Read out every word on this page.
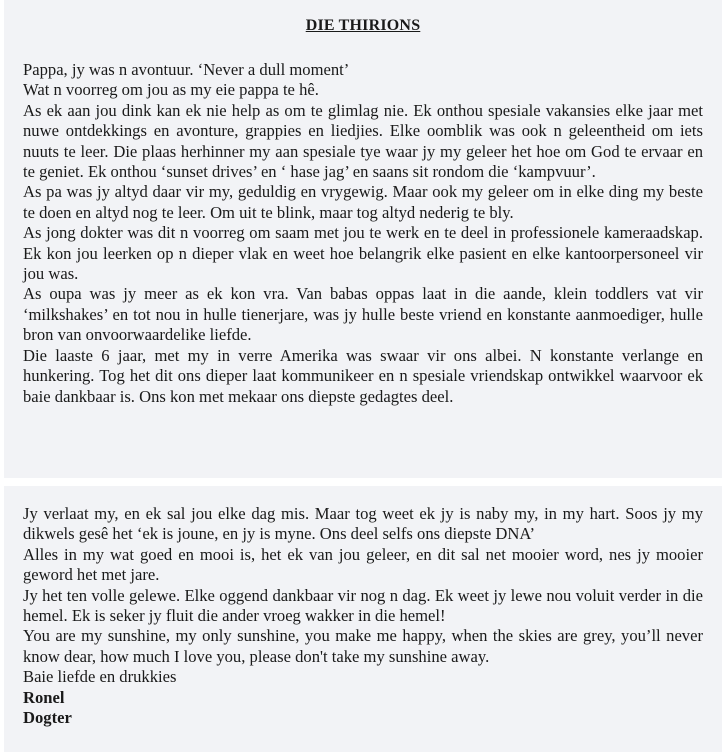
DIE THIRIONS

Pappa, jy was n avontuur. ‘Never a dull moment’

Wat n voorreg om jou as my eie pappa te hê.

As ek aan jou dink kan ek nie help as om te glimlag nie. Ek onthou spesiale vakansies elke jaar met nuwe ontdekkings en avonture, grappies en liedjies. Elke oomblik was ook n geleentheid om iets nuuts te leer. Die plaas herhinner my aan spesiale tye waar jy my geleer het hoe om God te ervaar en te geniet. Ek onthou ‘sunset drives’ en ‘ hase jag’ en saans sit rondom die ‘kampvuur’.

As pa was jy altyd daar vir my, geduldig en vrygewig. Maar ook my geleer om in elke ding my beste te doen en altyd nog te leer. Om uit te blink, maar tog altyd nederig te bly.

As jong dokter was dit n voorreg om saam met jou te werk en te deel in professionele kameraadskap. Ek kon jou leerken op n dieper vlak en weet hoe belangrik elke pasient en elke kantoorpersoneel vir jou was.

As oupa was jy meer as ek kon vra. Van babas oppas laat in die aande, klein toddlers vat vir ‘milkshakes’ en tot nou in hulle tienerjare, was jy hulle beste vriend en konstante aanmoediger, hulle bron van onvoorwaardelike liefde.

Die laaste 6 jaar, met my in verre Amerika was swaar vir ons albei. N konstante verlange en hunkering. Tog het dit ons dieper laat kommunikeer en n spesiale vriendskap ontwikkel waarvoor ek baie dankbaar is. Ons kon met mekaar ons diepste gedagtes deel.

Jy verlaat my, en ek sal jou elke dag mis. Maar tog weet ek jy is naby my, in my hart. Soos jy my dikwels gesê het ‘ek is joune, en jy is myne. Ons deel selfs ons diepste DNA’

Alles in my wat goed en mooi is, het ek van jou geleer, en dit sal net mooier word, nes jy mooier geword het met jare.

Jy het ten volle gelewe. Elke oggend dankbaar vir nog n dag. Ek weet jy lewe nou voluit verder in die hemel. Ek is seker jy fluit die ander vroeg wakker in die hemel!

You are my sunshine, my only sunshine, you make me happy, when the skies are grey, you’ll never know dear, how much I love you, please don't take my sunshine away.

Baie liefde en drukkies

Ronel

Dogter
